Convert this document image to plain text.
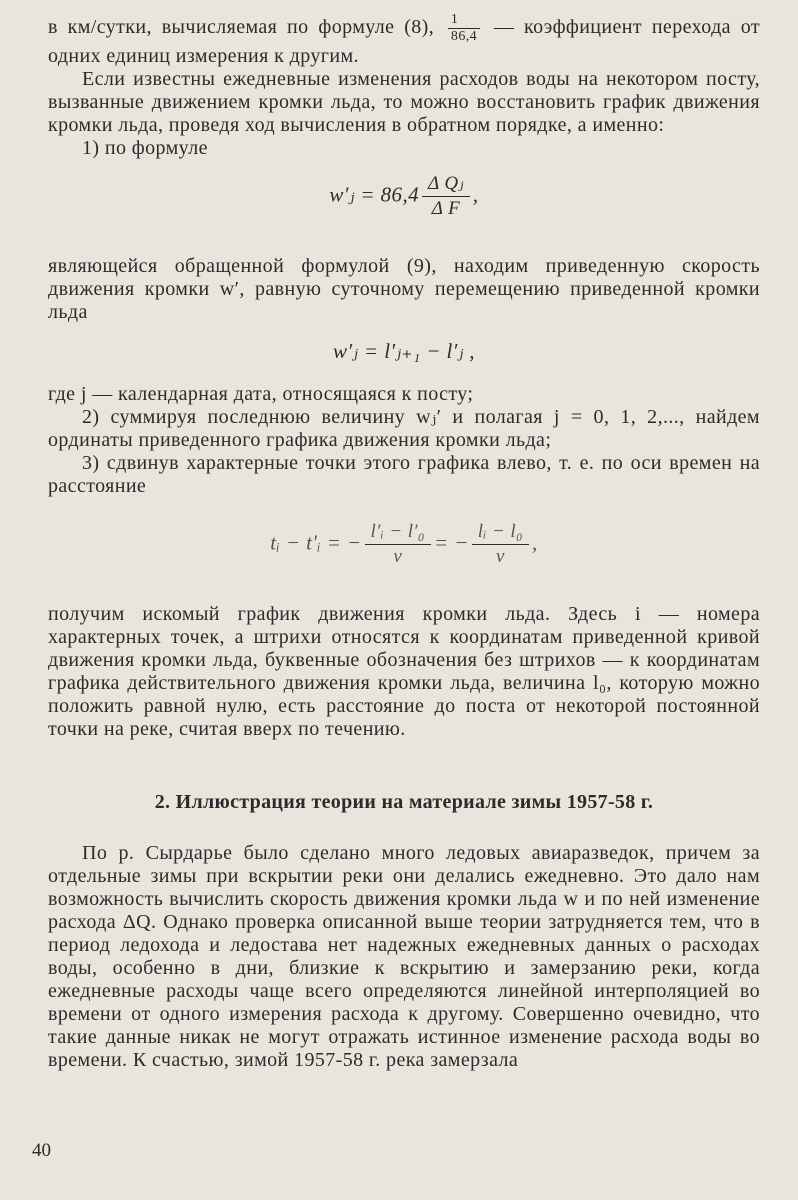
в км/сутки, вычисляемая по формуле (8), $\frac{1}{86,4}$ — коэффициент перехода от одних единиц измерения к другим.

Если известны ежедневные изменения расходов воды на некотором посту, вызванные движением кромки льда, то можно восстановить график движения кромки льда, проведя ход вычисления в обратном порядке, а именно:

1) по формуле

w′ⱼ = $86,4 \frac{\text{Δ Qⱼ}}{\text{Δ F}}$ ,

являющейся обращенной формулой (9), находим приведенную скорость движения кромки w′, равную суточному перемещению приведенной кромки льда

w′ⱼ = l′ⱼ₊₁ − l′ⱼ ,

где j — календарная дата, относящаяся к посту;

2) суммируя последнюю величину wⱼ′ и полагая j = 0, 1, 2,..., найдем ординаты приведенного графика движения кромки льда;

3) сдвинув характерные точки этого графика влево, т. е. по оси времен на расстояние

tᵢ − t′ᵢ = − $\frac{\text{l′ᵢ − l′₀}}{v}$ = − $\frac{\text{lᵢ − l₀}}{v}$ ,

получим искомый график движения кромки льда. Здесь i — номера характерных точек, а штрихи относятся к координатам приведенной кривой движения кромки льда, буквенные обозначения без штрихов — к координатам графика действительного движения кромки льда, величина l₀, которую можно положить равной нулю, есть расстояние до поста от некоторой постоянной точки на реке, считая вверх по течению.

2. Иллюстрация теории на материале зимы 1957-58 г.

По р. Сырдарье было сделано много ледовых авиаразведок, причем за отдельные зимы при вскрытии реки они делались ежедневно. Это дало нам возможность вычислить скорость движения кромки льда w и по ней изменение расхода ΔQ. Однако проверка описанной выше теории затрудняется тем, что в период ледохода и ледостава нет надежных ежедневных данных о расходах воды, особенно в дни, близкие к вскрытию и замерзанию реки, когда ежедневные расходы чаще всего определяются линейной интерполяцией во времени от одного измерения расхода к другому. Совершенно очевидно, что такие данные никак не могут отражать истинное изменение расхода воды во времени. К счастью, зимой 1957-58 г. река замерзала

40
